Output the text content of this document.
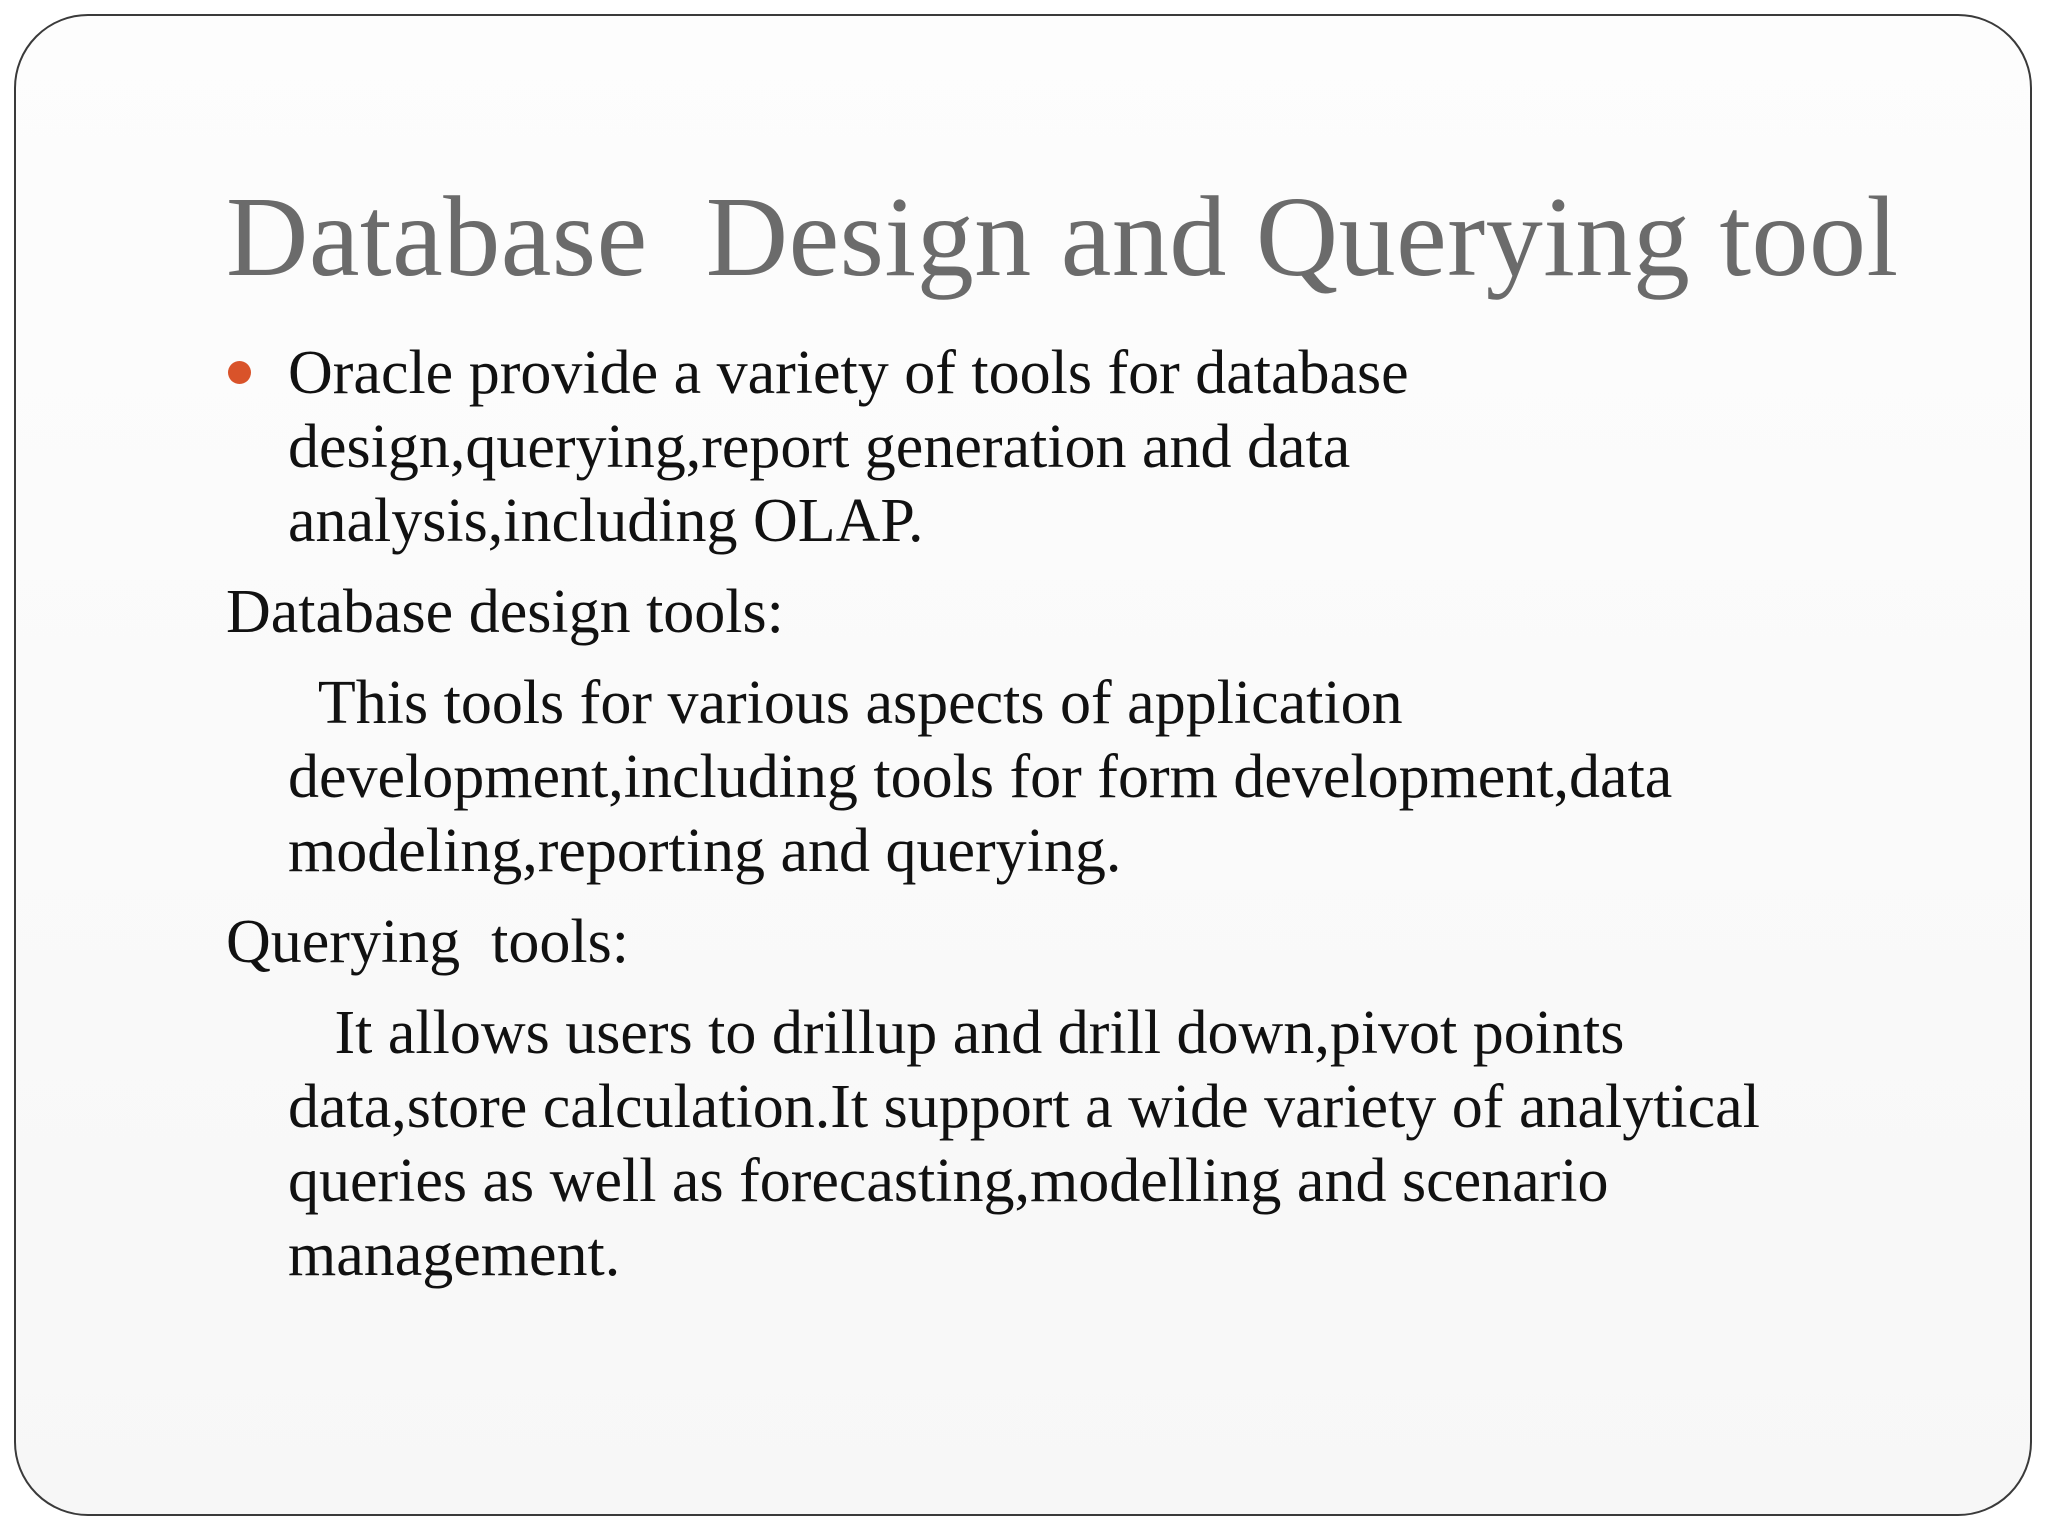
Database  Design and Querying tool

Oracle provide a variety of tools for database

design,querying,report generation and data

analysis,including OLAP.

Database design tools:

This tools for various aspects of application

development,including tools for form development,data

modeling,reporting and querying.

Querying  tools:

It allows users to drillup and drill down,pivot points

data,store calculation.It support a wide variety of analytical

queries as well as forecasting,modelling and scenario

management.
